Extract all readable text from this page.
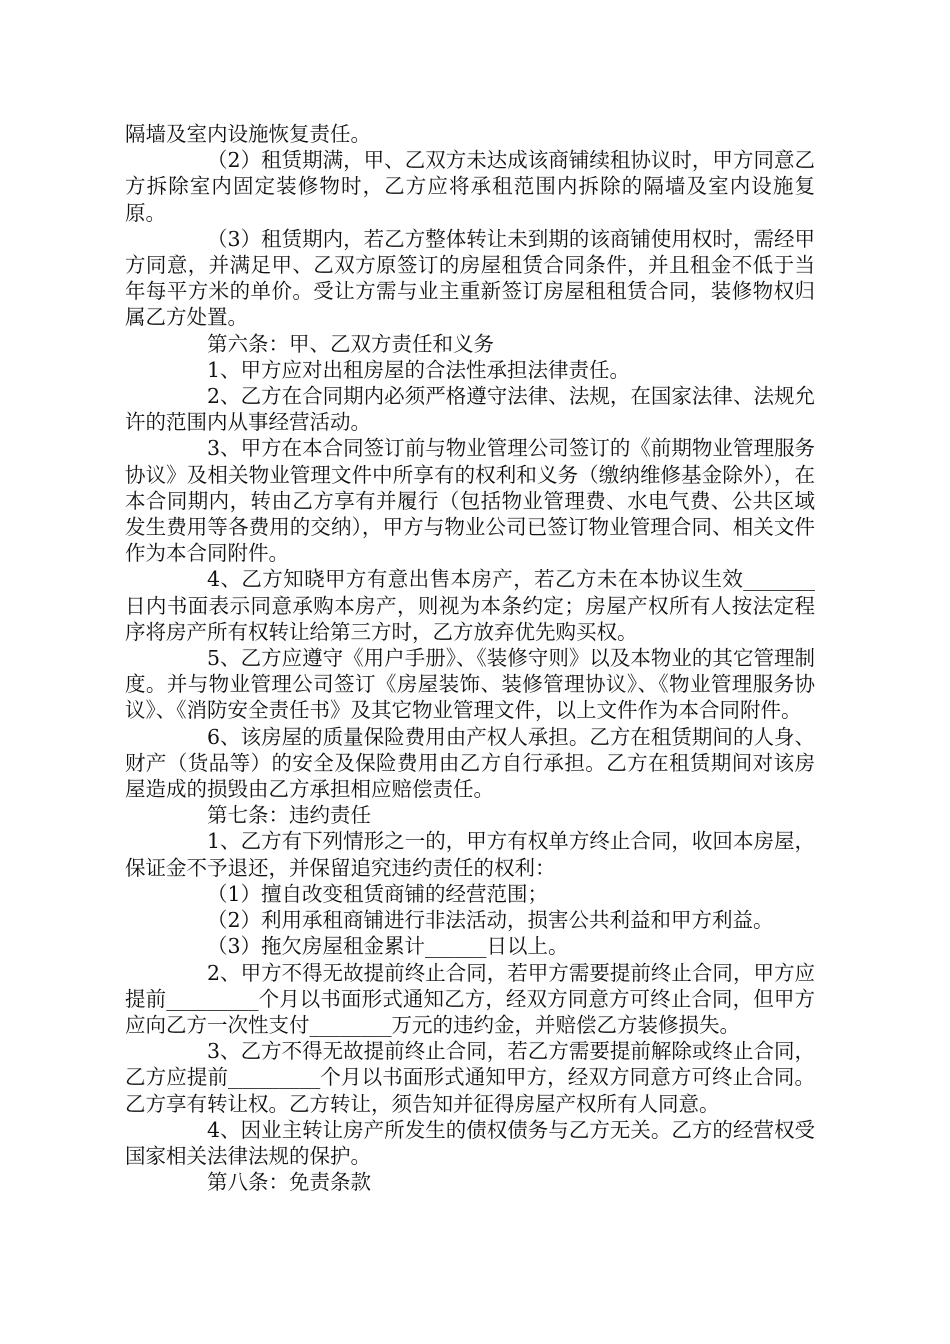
隔墙及室内设施恢复责任。

（2）租赁期满，甲、乙双方未达成该商铺续租协议时，甲方同意乙方拆除室内固定装修物时，乙方应将承租范围内拆除的隔墙及室内设施复原。

（3）租赁期内，若乙方整体转让未到期的该商铺使用权时，需经甲方同意，并满足甲、乙双方原签订的房屋租赁合同条件，并且租金不低于当年每平方米的单价。受让方需与业主重新签订房屋租租赁合同，装修物权归属乙方处置。

第六条：甲、乙双方责任和义务

1、甲方应对出租房屋的合法性承担法律责任。

2、乙方在合同期内必须严格遵守法律、法规，在国家法律、法规允许的范围内从事经营活动。

3、甲方在本合同签订前与物业管理公司签订的《前期物业管理服务协议》及相关物业管理文件中所享有的权利和义务（缴纳维修基金除外），在本合同期内，转由乙方享有并履行（包括物业管理费、水电气费、公共区域发生费用等各费用的交纳），甲方与物业公司已签订物业管理合同、相关文件作为本合同附件。

4、乙方知晓甲方有意出售本房产，若乙方未在本协议生效_______日内书面表示同意承购本房产，则视为本条约定；房屋产权所有人按法定程序将房产所有权转让给第三方时，乙方放弃优先购买权。

5、乙方应遵守《用户手册》、《装修守则》以及本物业的其它管理制度。并与物业管理公司签订《房屋装饰、装修管理协议》、《物业管理服务协议》、《消防安全责任书》及其它物业管理文件，以上文件作为本合同附件。

6、该房屋的质量保险费用由产权人承担。乙方在租赁期间的人身、财产（货品等）的安全及保险费用由乙方自行承担。乙方在租赁期间对该房屋造成的损毁由乙方承担相应赔偿责任。

第七条：违约责任

1、乙方有下列情形之一的，甲方有权单方终止合同，收回本房屋，保证金不予退还，并保留追究违约责任的权利：

（1）擅自改变租赁商铺的经营范围；

（2）利用承租商铺进行非法活动，损害公共利益和甲方利益。

（3）拖欠房屋租金累计______日以上。

2、甲方不得无故提前终止合同，若甲方需要提前终止合同，甲方应提前_________个月以书面形式通知乙方，经双方同意方可终止合同，但甲方应向乙方一次性支付________万元的违约金，并赔偿乙方装修损失。

3、乙方不得无故提前终止合同，若乙方需要提前解除或终止合同，乙方应提前_________个月以书面形式通知甲方，经双方同意方可终止合同。乙方享有转让权。乙方转让，须告知并征得房屋产权所有人同意。

4、因业主转让房产所发生的债权债务与乙方无关。乙方的经营权受国家相关法律法规的保护。

第八条：免责条款
